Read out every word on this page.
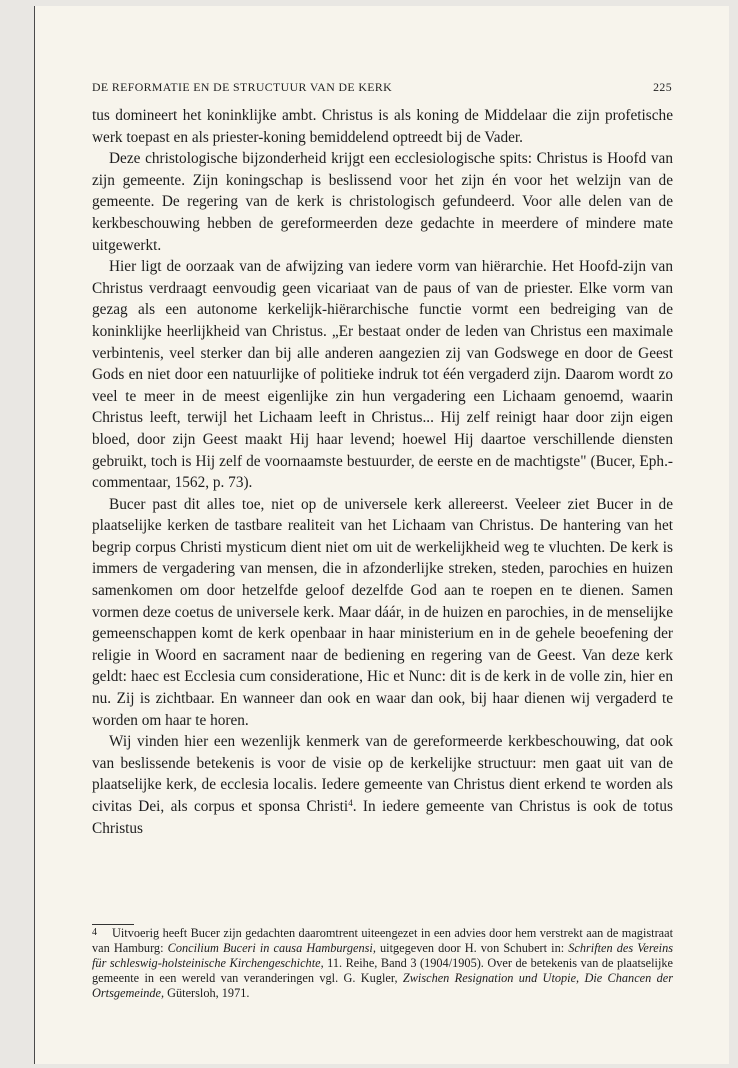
DE REFORMATIE EN DE STRUCTUUR VAN DE KERK	225

tus domineert het koninklijke ambt. Christus is als koning de Middelaar die zijn profetische werk toepast en als priester-koning bemiddelend optreedt bij de Vader.

Deze christologische bijzonderheid krijgt een ecclesiologische spits: Christus is Hoofd van zijn gemeente. Zijn koningschap is beslissend voor het zijn én voor het welzijn van de gemeente. De regering van de kerk is christologisch gefundeerd. Voor alle delen van de kerkbeschouwing hebben de gereformeerden deze gedachte in meerdere of mindere mate uitgewerkt.

Hier ligt de oorzaak van de afwijzing van iedere vorm van hiërarchie. Het Hoofd-zijn van Christus verdraagt eenvoudig geen vicariaat van de paus of van de priester. Elke vorm van gezag als een autonome kerkelijk-hiërarchische functie vormt een bedreiging van de koninklijke heerlijkheid van Christus. „Er bestaat onder de leden van Christus een maximale verbintenis, veel sterker dan bij alle anderen aangezien zij van Godswege en door de Geest Gods en niet door een natuurlijke of politieke indruk tot één vergaderd zijn. Daarom wordt zo veel te meer in de meest eigenlijke zin hun vergadering een Lichaam genoemd, waarin Christus leeft, terwijl het Lichaam leeft in Christus... Hij zelf reinigt haar door zijn eigen bloed, door zijn Geest maakt Hij haar levend; hoewel Hij daartoe verschillende diensten gebruikt, toch is Hij zelf de voornaamste bestuurder, de eerste en de machtigste" (Bucer, Eph.-commentaar, 1562, p. 73).

Bucer past dit alles toe, niet op de universele kerk allereerst. Veeleer ziet Bucer in de plaatselijke kerken de tastbare realiteit van het Lichaam van Christus. De hantering van het begrip corpus Christi mysticum dient niet om uit de werkelijkheid weg te vluchten. De kerk is immers de vergadering van mensen, die in afzonderlijke streken, steden, parochies en huizen samenkomen om door hetzelfde geloof dezelfde God aan te roepen en te dienen. Samen vormen deze coetus de universele kerk. Maar dáár, in de huizen en parochies, in de menselijke gemeenschappen komt de kerk openbaar in haar ministerium en in de gehele beoefening der religie in Woord en sacrament naar de bediening en regering van de Geest. Van deze kerk geldt: haec est Ecclesia cum consideratione, Hic et Nunc: dit is de kerk in de volle zin, hier en nu. Zij is zichtbaar. En wanneer dan ook en waar dan ook, bij haar dienen wij vergaderd te worden om haar te horen.

Wij vinden hier een wezenlijk kenmerk van de gereformeerde kerkbeschouwing, dat ook van beslissende betekenis is voor de visie op de kerkelijke structuur: men gaat uit van de plaatselijke kerk, de ecclesia localis. Iedere gemeente van Christus dient erkend te worden als civitas Dei, als corpus et sponsa Christi$^4$. In iedere gemeente van Christus is ook de totus Christus

4 Uitvoerig heeft Bucer zijn gedachten daaromtrent uiteengezet in een advies door hem verstrekt aan de magistraat van Hamburg: Concilium Buceri in causa Hamburgensi, uitgegeven door H. von Schubert in: Schriften des Vereins für schleswig-holsteinische Kirchengeschichte, 11. Reihe, Band 3 (1904/1905). Over de betekenis van de plaatselijke gemeente in een wereld van veranderingen vgl. G. Kugler, Zwischen Resignation und Utopie, Die Chancen der Ortsgemeinde, Gütersloh, 1971.
